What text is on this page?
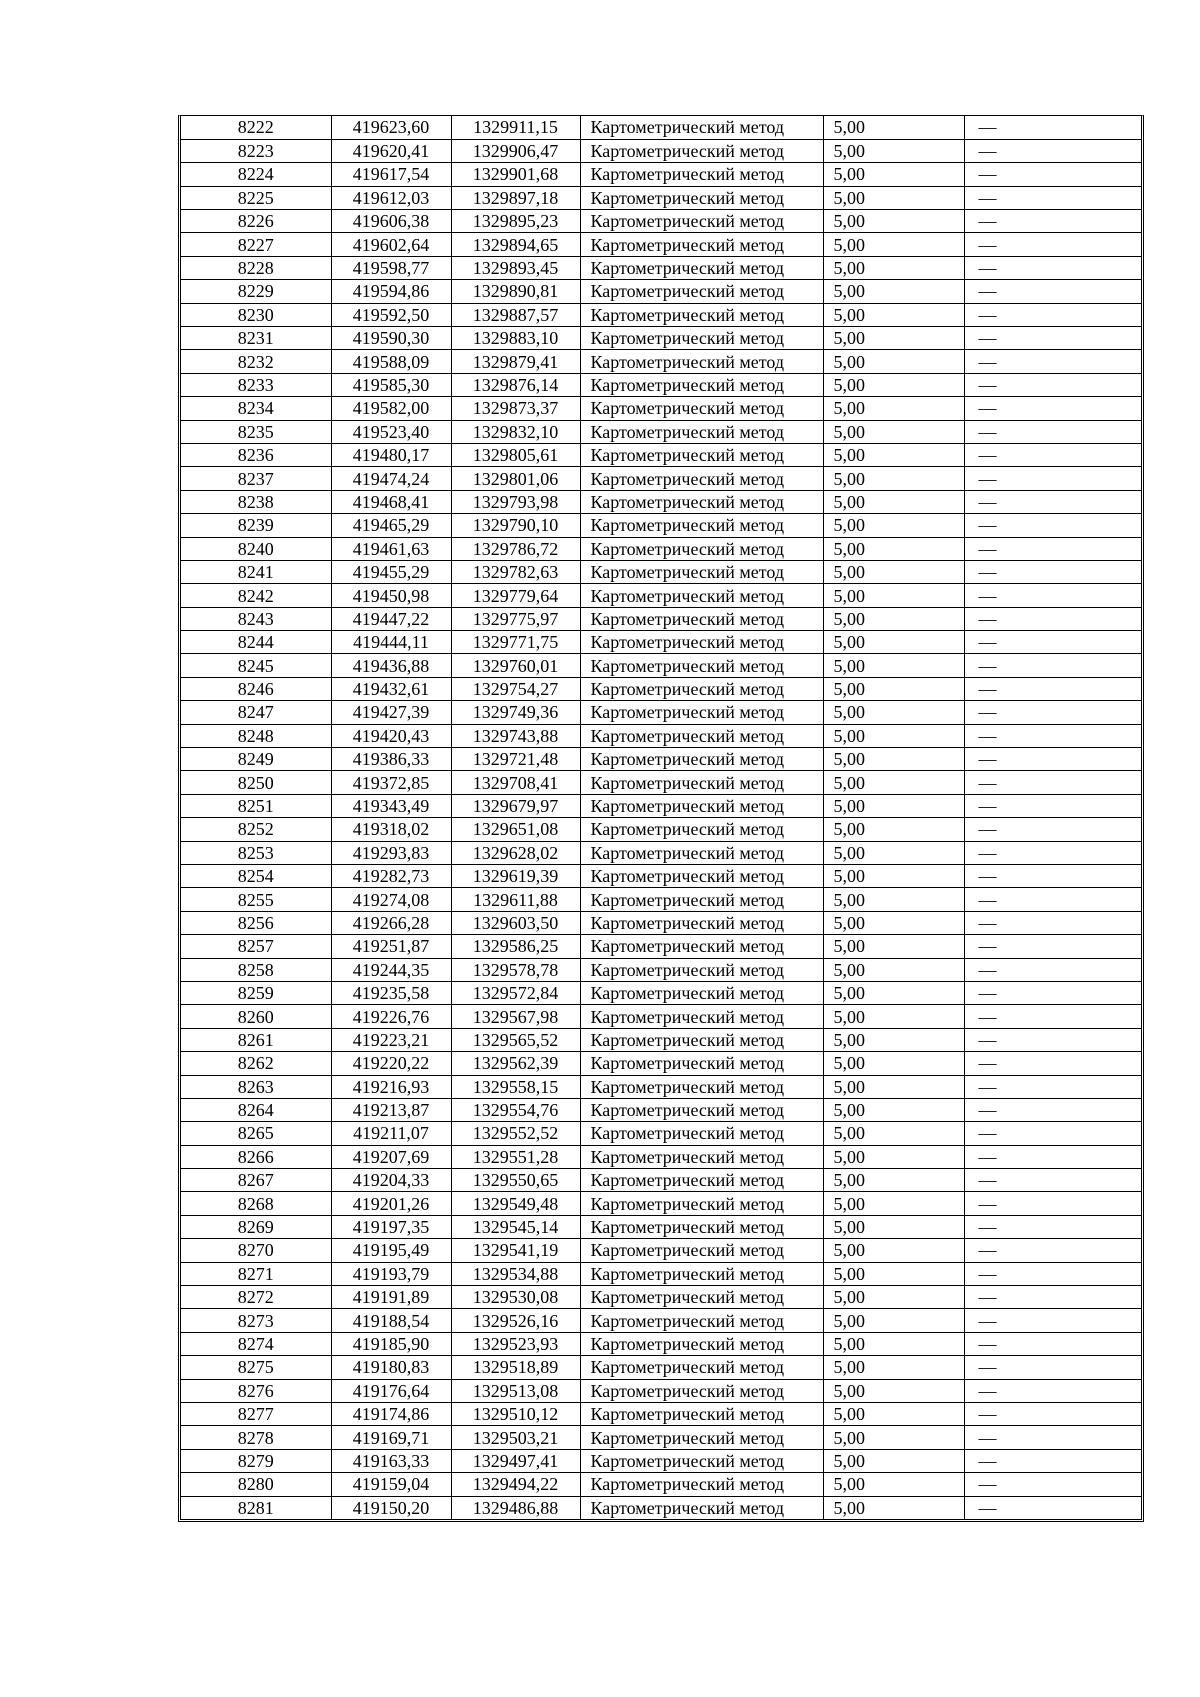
8222	419623,60	1329911,15	Картометрический метод	5,00	—
8223	419620,41	1329906,47	Картометрический метод	5,00	—
8224	419617,54	1329901,68	Картометрический метод	5,00	—
8225	419612,03	1329897,18	Картометрический метод	5,00	—
8226	419606,38	1329895,23	Картометрический метод	5,00	—
8227	419602,64	1329894,65	Картометрический метод	5,00	—
8228	419598,77	1329893,45	Картометрический метод	5,00	—
8229	419594,86	1329890,81	Картометрический метод	5,00	—
8230	419592,50	1329887,57	Картометрический метод	5,00	—
8231	419590,30	1329883,10	Картометрический метод	5,00	—
8232	419588,09	1329879,41	Картометрический метод	5,00	—
8233	419585,30	1329876,14	Картометрический метод	5,00	—
8234	419582,00	1329873,37	Картометрический метод	5,00	—
8235	419523,40	1329832,10	Картометрический метод	5,00	—
8236	419480,17	1329805,61	Картометрический метод	5,00	—
8237	419474,24	1329801,06	Картометрический метод	5,00	—
8238	419468,41	1329793,98	Картометрический метод	5,00	—
8239	419465,29	1329790,10	Картометрический метод	5,00	—
8240	419461,63	1329786,72	Картометрический метод	5,00	—
8241	419455,29	1329782,63	Картометрический метод	5,00	—
8242	419450,98	1329779,64	Картометрический метод	5,00	—
8243	419447,22	1329775,97	Картометрический метод	5,00	—
8244	419444,11	1329771,75	Картометрический метод	5,00	—
8245	419436,88	1329760,01	Картометрический метод	5,00	—
8246	419432,61	1329754,27	Картометрический метод	5,00	—
8247	419427,39	1329749,36	Картометрический метод	5,00	—
8248	419420,43	1329743,88	Картометрический метод	5,00	—
8249	419386,33	1329721,48	Картометрический метод	5,00	—
8250	419372,85	1329708,41	Картометрический метод	5,00	—
8251	419343,49	1329679,97	Картометрический метод	5,00	—
8252	419318,02	1329651,08	Картометрический метод	5,00	—
8253	419293,83	1329628,02	Картометрический метод	5,00	—
8254	419282,73	1329619,39	Картометрический метод	5,00	—
8255	419274,08	1329611,88	Картометрический метод	5,00	—
8256	419266,28	1329603,50	Картометрический метод	5,00	—
8257	419251,87	1329586,25	Картометрический метод	5,00	—
8258	419244,35	1329578,78	Картометрический метод	5,00	—
8259	419235,58	1329572,84	Картометрический метод	5,00	—
8260	419226,76	1329567,98	Картометрический метод	5,00	—
8261	419223,21	1329565,52	Картометрический метод	5,00	—
8262	419220,22	1329562,39	Картометрический метод	5,00	—
8263	419216,93	1329558,15	Картометрический метод	5,00	—
8264	419213,87	1329554,76	Картометрический метод	5,00	—
8265	419211,07	1329552,52	Картометрический метод	5,00	—
8266	419207,69	1329551,28	Картометрический метод	5,00	—
8267	419204,33	1329550,65	Картометрический метод	5,00	—
8268	419201,26	1329549,48	Картометрический метод	5,00	—
8269	419197,35	1329545,14	Картометрический метод	5,00	—
8270	419195,49	1329541,19	Картометрический метод	5,00	—
8271	419193,79	1329534,88	Картометрический метод	5,00	—
8272	419191,89	1329530,08	Картометрический метод	5,00	—
8273	419188,54	1329526,16	Картометрический метод	5,00	—
8274	419185,90	1329523,93	Картометрический метод	5,00	—
8275	419180,83	1329518,89	Картометрический метод	5,00	—
8276	419176,64	1329513,08	Картометрический метод	5,00	—
8277	419174,86	1329510,12	Картометрический метод	5,00	—
8278	419169,71	1329503,21	Картометрический метод	5,00	—
8279	419163,33	1329497,41	Картометрический метод	5,00	—
8280	419159,04	1329494,22	Картометрический метод	5,00	—
8281	419150,20	1329486,88	Картометрический метод	5,00	—
